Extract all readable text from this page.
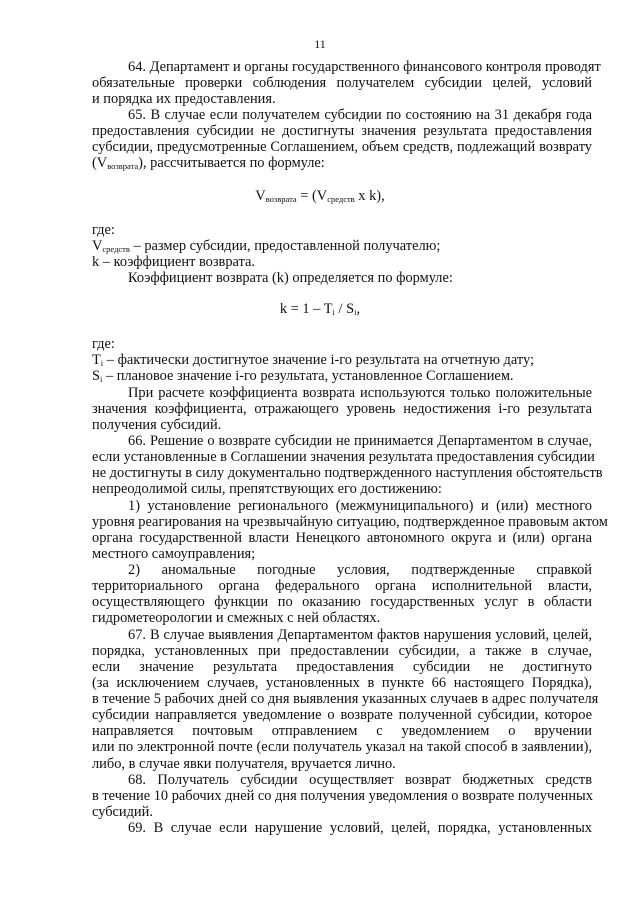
11
64. Департамент и органы государственного финансового контроля проводят
обязательные проверки соблюдения получателем субсидии целей, условий
и порядка их предоставления.
65. В случае если получателем субсидии по состоянию на 31 декабря года
предоставления субсидии не достигнуты значения результата предоставления
субсидии, предусмотренные Соглашением, объем средств, подлежащий возврату
$(V_{возврата})$, рассчитывается по формуле:
$V_{возврата} = (V_{средств}$ x k),
где:
$V_{средств}$ – размер субсидии, предоставленной получателю;
k – коэффициент возврата.
Коэффициент возврата (k) определяется по формуле:
$k = 1 - T_i / S_i$,
где:
$T_i$ – фактически достигнутое значение i-го результата на отчетную дату;
$S_i$ – плановое значение i-го результата, установленное Соглашением.
При расчете коэффициента возврата используются только положительные
значения коэффициента, отражающего уровень недостижения i-го результата
получения субсидий.
66. Решение о возврате субсидии не принимается Департаментом в случае,
если установленные в Соглашении значения результата предоставления субсидии
не достигнуты в силу документально подтвержденного наступления обстоятельств
непреодолимой силы, препятствующих его достижению:
1) установление регионального (межмуниципального) и (или) местного
уровня реагирования на чрезвычайную ситуацию, подтвержденное правовым актом
органа государственной власти Ненецкого автономного округа и (или) органа
местного самоуправления;
2) аномальные погодные условия, подтвержденные справкой
территориального органа федерального органа исполнительной власти,
осуществляющего функции по оказанию государственных услуг в области
гидрометеорологии и смежных с ней областях.
67. В случае выявления Департаментом фактов нарушения условий, целей,
порядка, установленных при предоставлении субсидии, а также в случае,
если значение результата предоставления субсидии не достигнуто
(за исключением случаев, установленных в пункте 66 настоящего Порядка),
в течение 5 рабочих дней со дня выявления указанных случаев в адрес получателя
субсидии направляется уведомление о возврате полученной субсидии, которое
направляется почтовым отправлением с уведомлением о вручении
или по электронной почте (если получатель указал на такой способ в заявлении),
либо, в случае явки получателя, вручается лично.
68. Получатель субсидии осуществляет возврат бюджетных средств
в течение 10 рабочих дней со дня получения уведомления о возврате полученных
субсидий.
69. В случае если нарушение условий, целей, порядка, установленных
